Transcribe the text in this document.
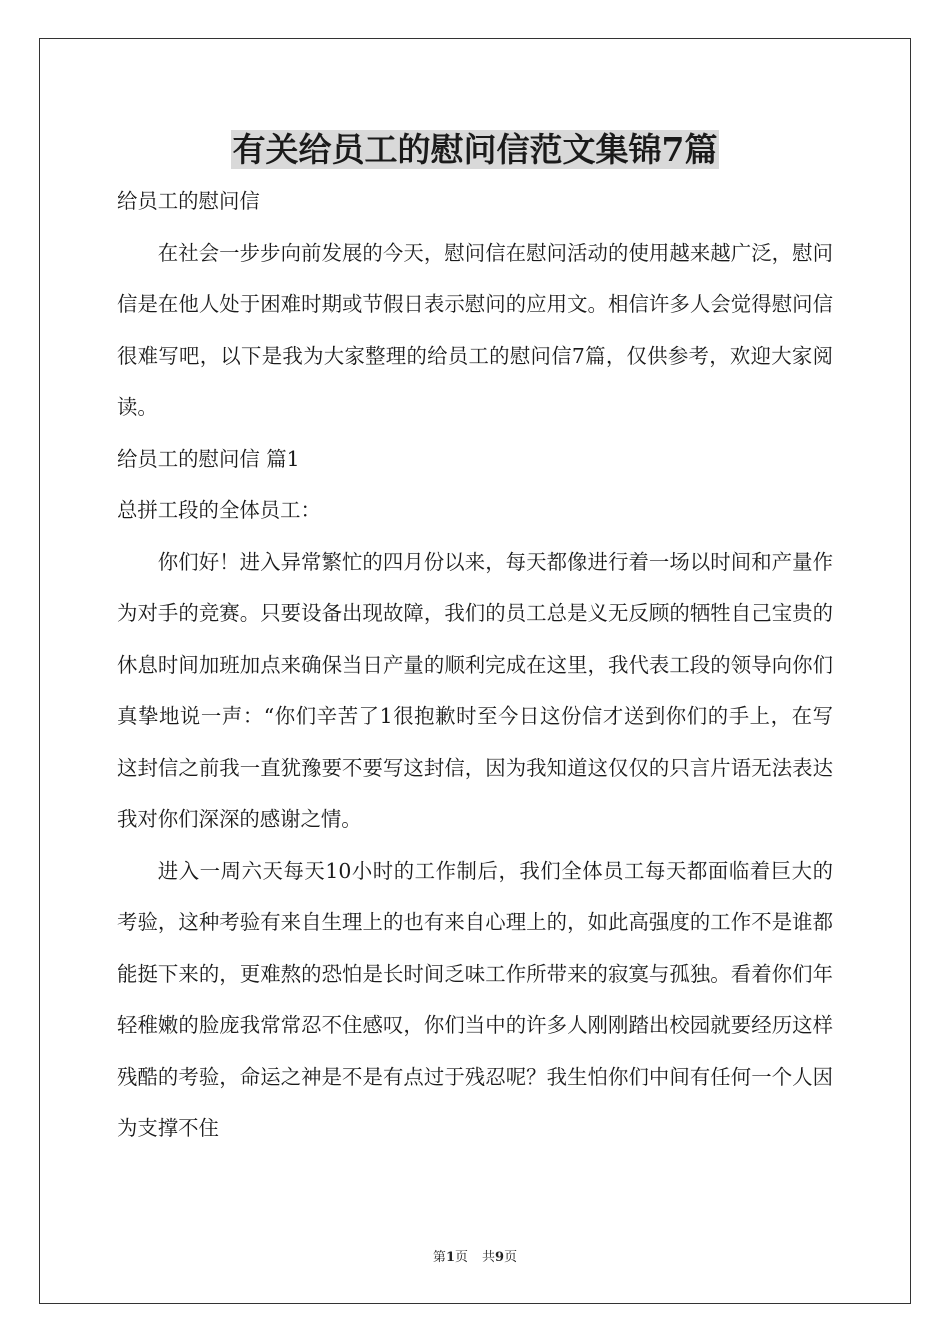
有关给员工的慰问信范文集锦7篇

给员工的慰问信

在社会一步步向前发展的今天，慰问信在慰问活动的使用越来越广泛，慰问信是在他人处于困难时期或节假日表示慰问的应用文。相信许多人会觉得慰问信很难写吧，以下是我为大家整理的给员工的慰问信7篇，仅供参考，欢迎大家阅读。

给员工的慰问信 篇1

总拼工段的全体员工：

你们好！进入异常繁忙的四月份以来，每天都像进行着一场以时间和产量作为对手的竞赛。只要设备出现故障，我们的员工总是义无反顾的牺牲自己宝贵的休息时间加班加点来确保当日产量的顺利完成在这里，我代表工段的领导向你们真挚地说一声：“你们辛苦了1很抱歉时至今日这份信才送到你们的手上，在写这封信之前我一直犹豫要不要写这封信，因为我知道这仅仅的只言片语无法表达我对你们深深的感谢之情。

进入一周六天每天10小时的工作制后，我们全体员工每天都面临着巨大的考验，这种考验有来自生理上的也有来自心理上的，如此高强度的工作不是谁都能挺下来的，更难熬的恐怕是长时间乏味工作所带来的寂寞与孤独。看着你们年轻稚嫩的脸庞我常常忍不住感叹，你们当中的许多人刚刚踏出校园就要经历这样残酷的考验，命运之神是不是有点过于残忍呢？我生怕你们中间有任何一个人因为支撑不住

第1页 共9页
